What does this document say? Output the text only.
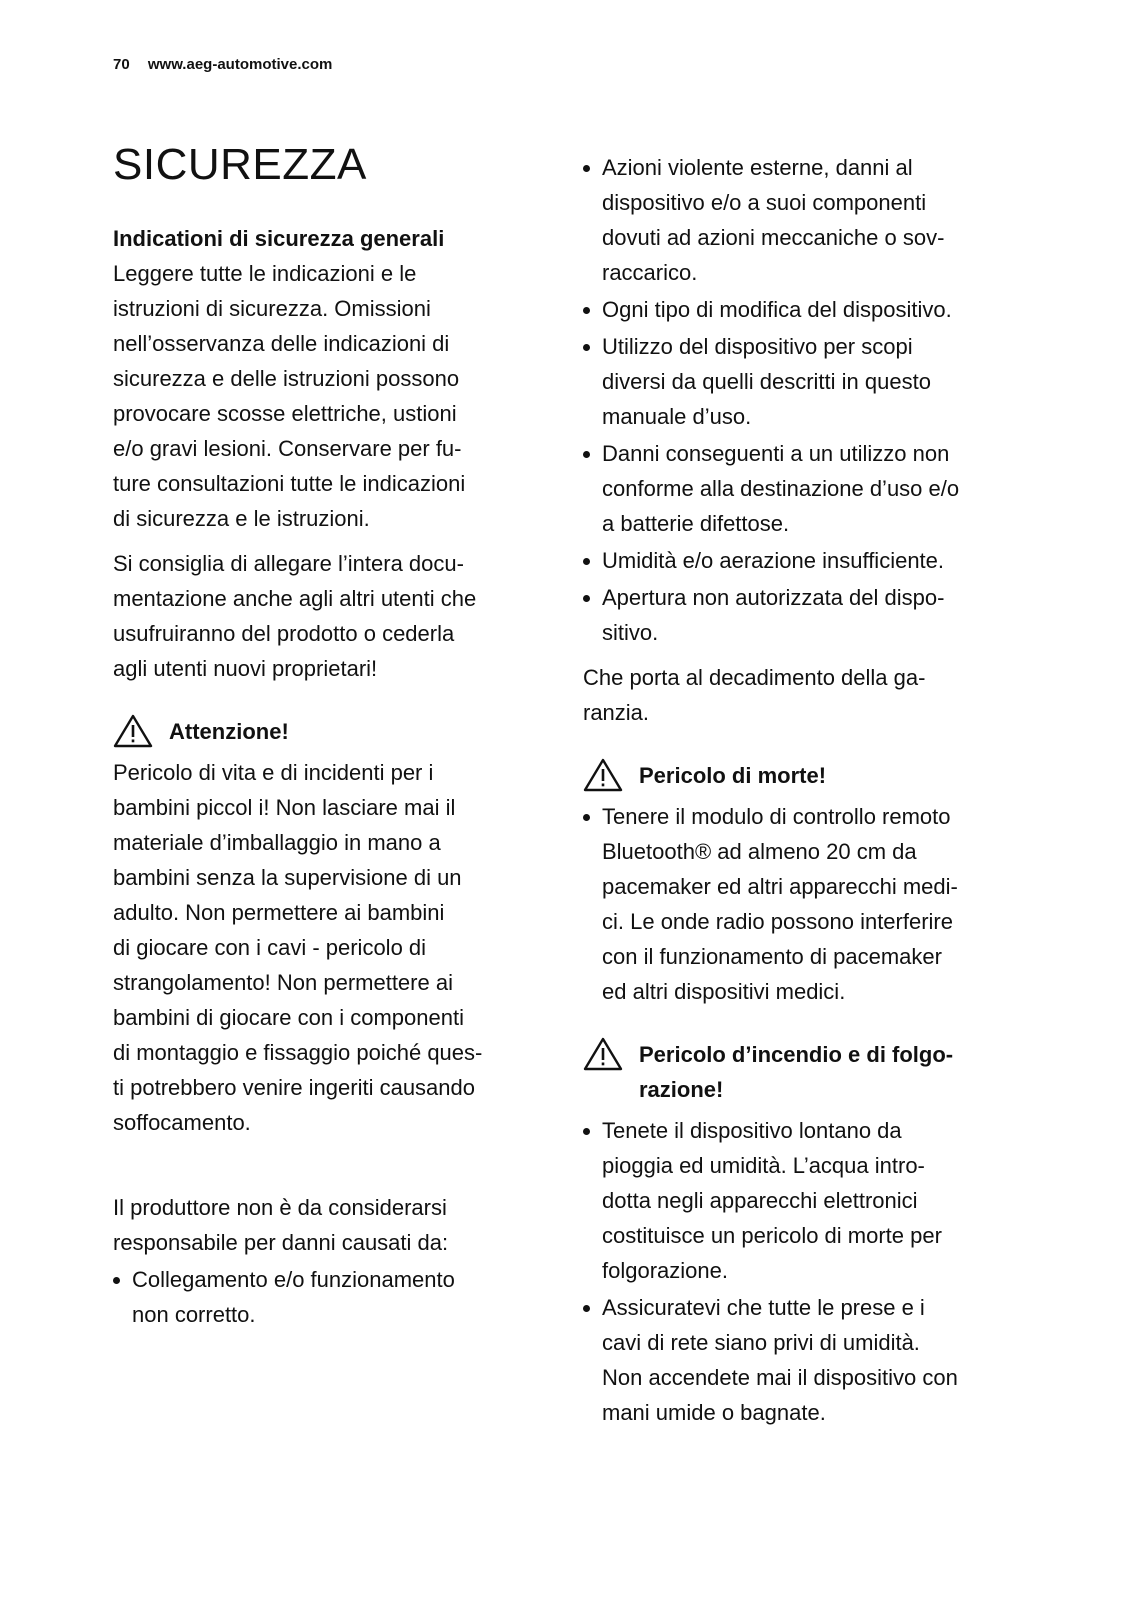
70 www.aeg-automotive.com
SICUREZZA

Indicationi di sicurezza generali

Leggere tutte le indicazioni e le
istruzioni di sicurezza. Omissioni
nell’osservanza delle indicazioni di
sicurezza e delle istruzioni possono
provocare scosse elettriche, ustioni
e/o gravi lesioni. Conservare per fu-
ture consultazioni tutte le indicazioni
di sicurezza e le istruzioni.

Si consiglia di allegare l’intera docu-
mentazione anche agli altri utenti che
usufruiranno del prodotto o cederla
agli utenti nuovi proprietari!

Attenzione!

Pericolo di vita e di incidenti per i
bambini piccol i! Non lasciare mai il
materiale d’imballaggio in mano a
bambini senza la supervisione di un
adulto. Non permettere ai bambini
di giocare con i cavi - pericolo di
strangolamento! Non permettere ai
bambini di giocare con i componenti
di montaggio e fissaggio poiché ques-
ti potrebbero venire ingeriti causando
soffocamento.

Il produttore non è da considerarsi
responsabile per danni causati da:

Collegamento e/o funzionamento
non corretto.
Azioni violente esterne, danni al
dispositivo e/o a suoi componenti
dovuti ad azioni meccaniche o sov-
raccarico.
Ogni tipo di modifica del dispositivo.
Utilizzo del dispositivo per scopi
diversi da quelli descritti in questo
manuale d’uso.
Danni conseguenti a un utilizzo non
conforme alla destinazione d’uso e/o
a batterie difettose.
Umidità e/o aerazione insufficiente.
Apertura non autorizzata del dispo-
sitivo.

Che porta al decadimento della ga-
ranzia.

Pericolo di morte!
Tenere il modulo di controllo remoto
Bluetooth® ad almeno 20 cm da
pacemaker ed altri apparecchi medi-
ci. Le onde radio possono interferire
con il funzionamento di pacemaker
ed altri dispositivi medici.
Pericolo d’incendio e di folgo-
razione!
Tenete il dispositivo lontano da
pioggia ed umidità. L’acqua intro-
dotta negli apparecchi elettronici
costituisce un pericolo di morte per
folgorazione.
Assicuratevi che tutte le prese e i
cavi di rete siano privi di umidità.
Non accendete mai il dispositivo con
mani umide o bagnate.
